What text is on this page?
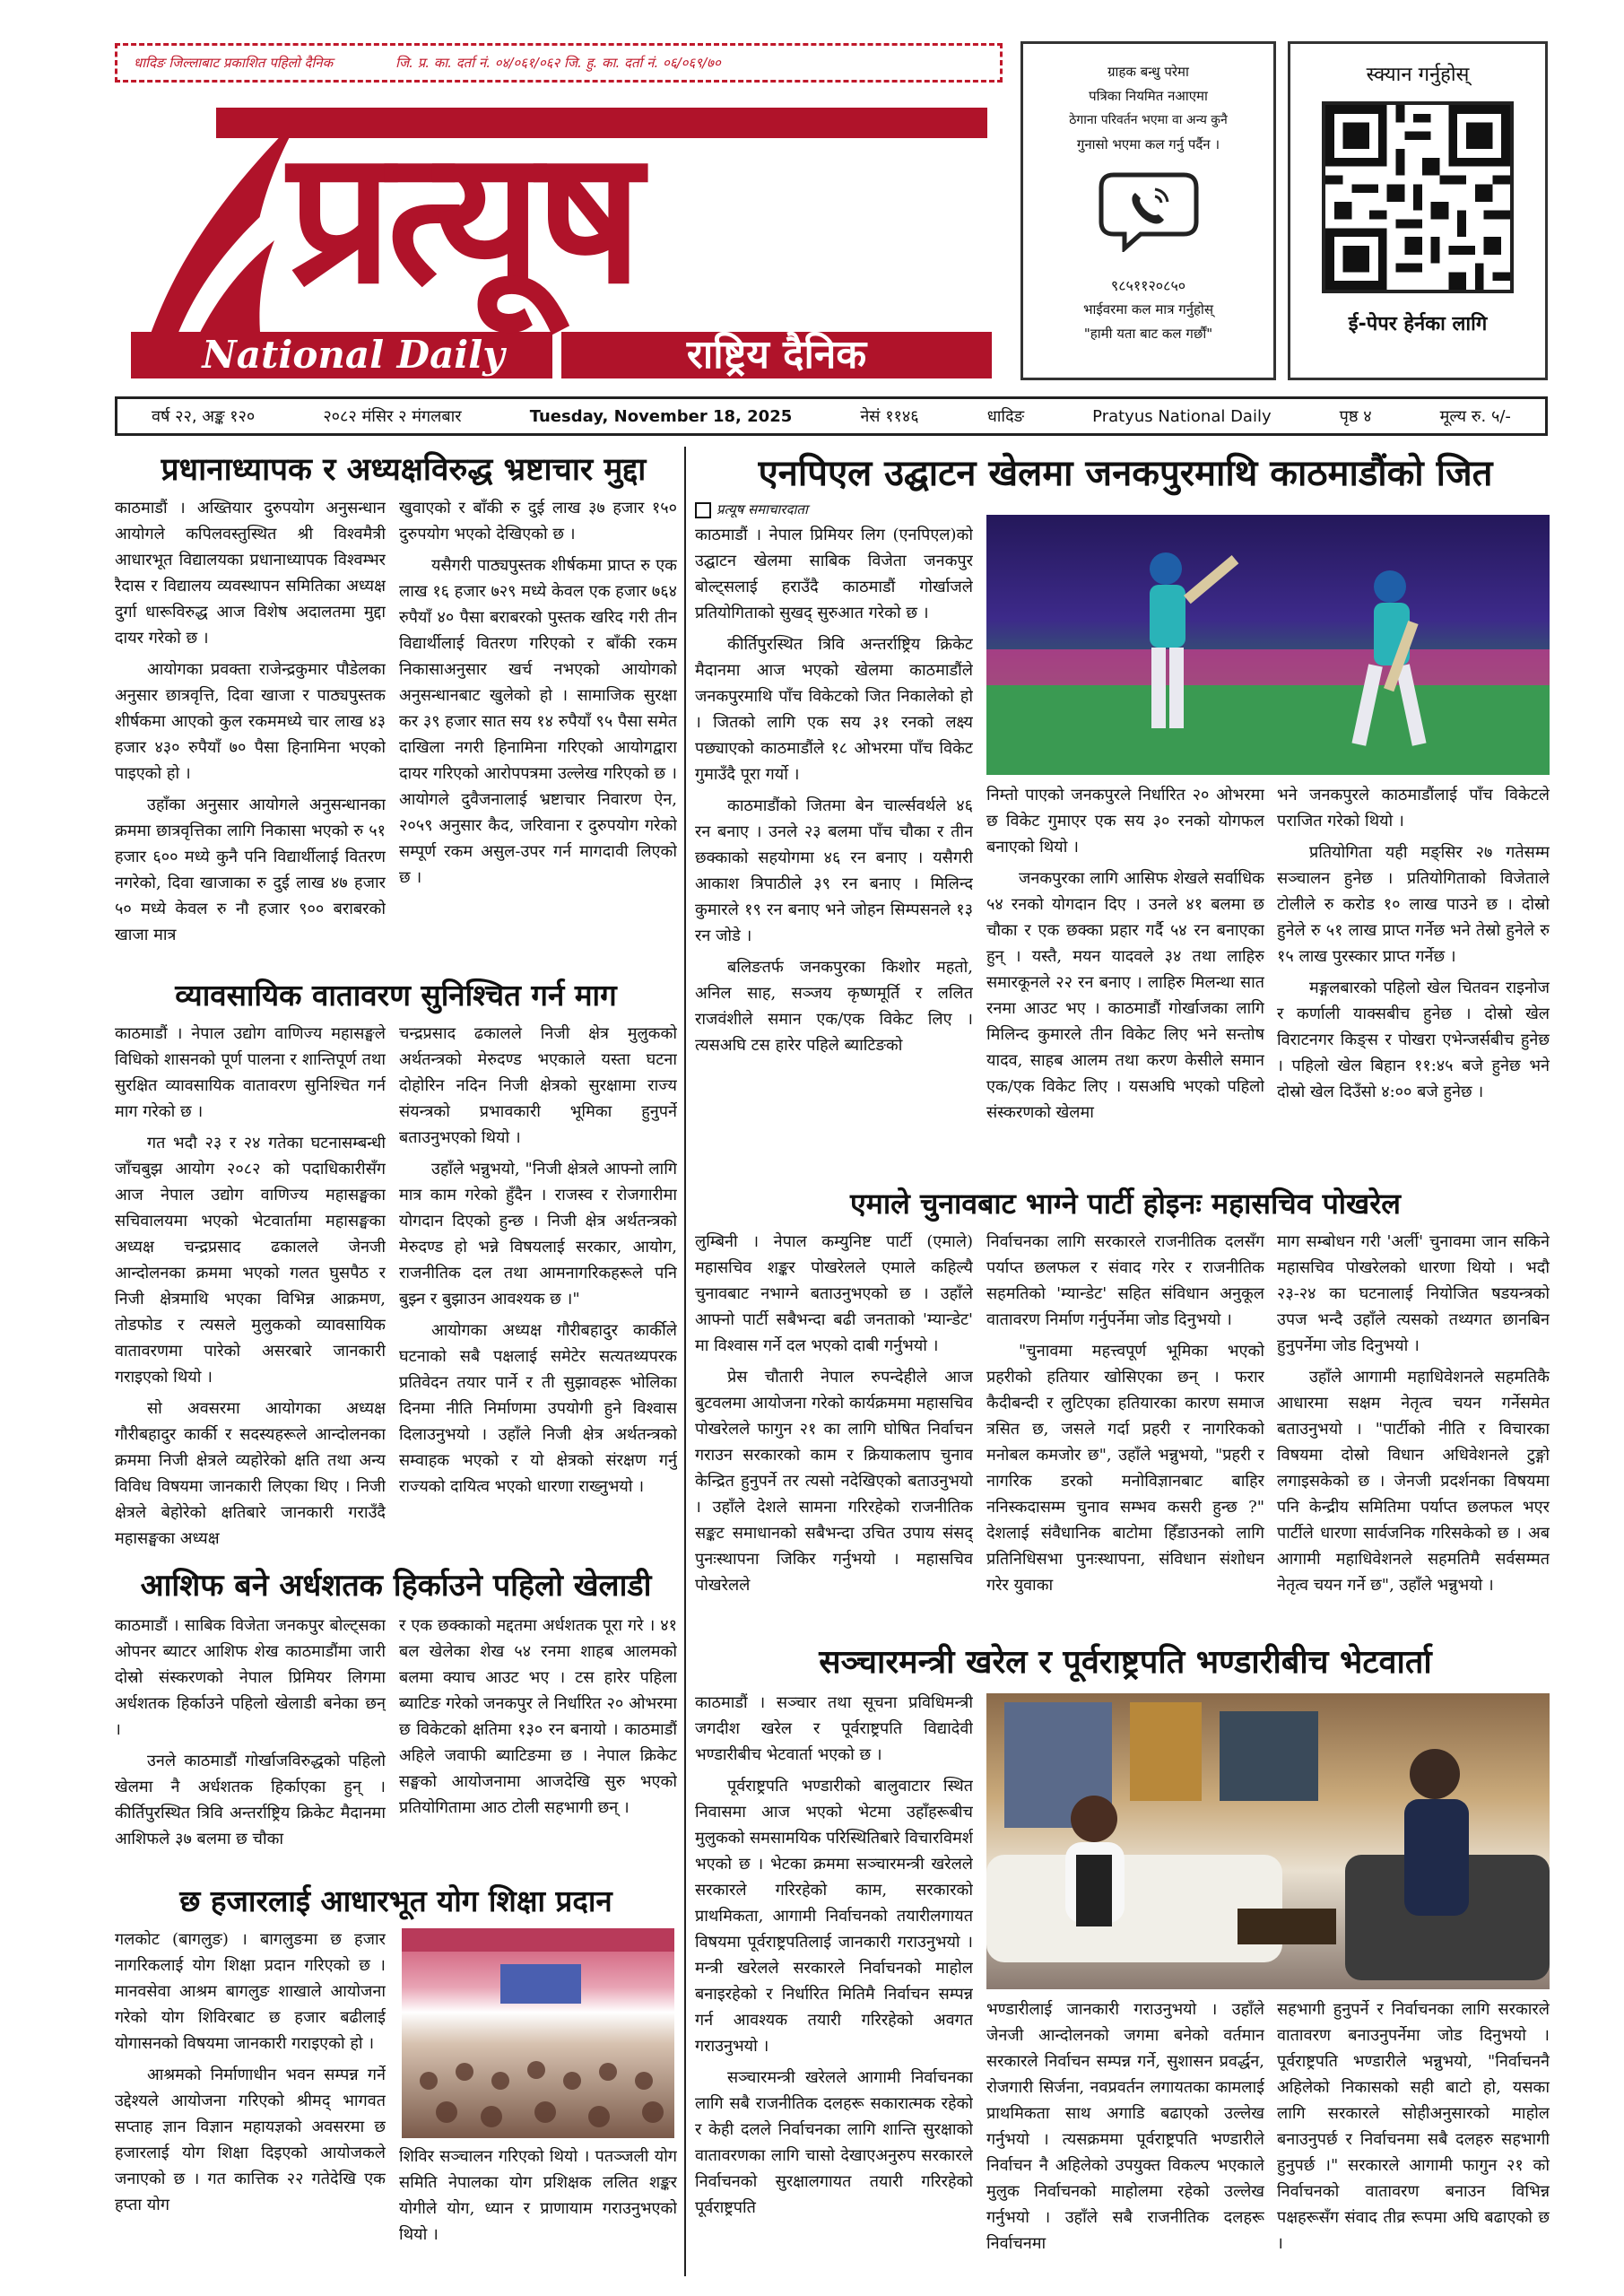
धादिङ जिल्लाबाट प्रकाशित पहिलो दैनिक	जि. प्र. का. दर्ता नं. ०४/०६१/०६२ जि. हु. का. दर्ता नं. ०६/०६९/७०
प्रत्यूष
National Daily	राष्ट्रिय दैनिक
ग्राहक बन्धु परेमा
पत्रिका नियमित नआएमा
ठेगाना परिवर्तन भएमा वा अन्य कुनै
गुनासो भएमा कल गर्नु पर्दैन ।
९८५११२०८५०
भाईवरमा कल मात्र गर्नुहोस्
"हामी यता बाट कल गर्छौं"
स्क्यान गर्नुहोस्
ई-पेपर हेर्नका लागि
वर्ष २२, अङ्क १२०	२०८२ मंसिर २ मंगलबार	Tuesday, November 18, 2025	नेसं ११४६	धादिङ	Pratyus National Daily	पृष्ठ ४	मूल्य रु. ५/-
प्रधानाध्यापक र अध्यक्षविरुद्ध भ्रष्टाचार मुद्दा

काठमाडौं । अख्तियार दुरुपयोग अनुसन्धान आयोगले कपिलवस्तुस्थित श्री विश्वमैत्री आधारभूत विद्यालयका प्रधानाध्यापक विश्वम्भर रैदास र विद्यालय व्यवस्थापन समितिका अध्यक्ष दुर्गा धारूविरुद्ध आज विशेष अदालतमा मुद्दा दायर गरेको छ ।

आयोगका प्रवक्ता राजेन्द्रकुमार पौडेलका अनुसार छात्रवृत्ति, दिवा खाजा र पाठ्यपुस्तक शीर्षकमा आएको कुल रकममध्ये चार लाख ४३ हजार ४३० रुपैयाँ ७० पैसा हिनामिना भएको पाइएको हो ।

उहाँका अनुसार आयोगले अनुसन्धानका क्रममा छात्रवृत्तिका लागि निकासा भएको रु ५१ हजार ६०० मध्ये कुनै पनि विद्यार्थीलाई वितरण नगरेको, दिवा खाजाका रु दुई लाख ४७ हजार ५० मध्ये केवल रु नौ हजार ९०० बराबरको खाजा मात्र

खुवाएको र बाँकी रु दुई लाख ३७ हजार १५० दुरुपयोग भएको देखिएको छ ।

यसैगरी पाठ्यपुस्तक शीर्षकमा प्राप्त रु एक लाख १६ हजार ७२९ मध्ये केवल एक हजार ७६४ रुपैयाँ ४० पैसा बराबरको पुस्तक खरिद गरी तीन विद्यार्थीलाई वितरण गरिएको र बाँकी रकम निकासाअनुसार खर्च नभएको आयोगको अनुसन्धानबाट खुलेको हो । सामाजिक सुरक्षा कर ३९ हजार सात सय १४ रुपैयाँ ९५ पैसा समेत दाखिला नगरी हिनामिना गरिएको आयोगद्वारा दायर गरिएको आरोपपत्रमा उल्लेख गरिएको छ । आयोगले दुवैजनालाई भ्रष्टाचार निवारण ऐन, २०५९ अनुसार कैद, जरिवाना र दुरुपयोग गरेको सम्पूर्ण रकम असुल-उपर गर्न मागदावी लिएको छ ।

व्यावसायिक वातावरण सुनिश्चित गर्न माग

काठमाडौं । नेपाल उद्योग वाणिज्य महासङ्घले विधिको शासनको पूर्ण पालना र शान्तिपूर्ण तथा सुरक्षित व्यावसायिक वातावरण सुनिश्चित गर्न माग गरेको छ ।

गत भदौ २३ र २४ गतेका घटनासम्बन्धी जाँचबुझ आयोग २०८२ को पदाधिकारीसँग आज नेपाल उद्योग वाणिज्य महासङ्घका सचिवालयमा भएको भेटवार्तामा महासङ्घका अध्यक्ष चन्द्रप्रसाद ढकालले जेनजी आन्दोलनका क्रममा भएको गलत घुसपैठ र निजी क्षेत्रमाथि भएका विभिन्न आक्रमण, तोडफोड र त्यसले मुलुकको व्यावसायिक वातावरणमा पारेको असरबारे जानकारी गराइएको थियो ।

सो अवसरमा आयोगका अध्यक्ष गौरीबहादुर कार्की र सदस्यहरूले आन्दोलनका क्रममा निजी क्षेत्रले व्यहोरेको क्षति तथा अन्य विविध विषयमा जानकारी लिएका थिए । निजी क्षेत्रले बेहोरेको क्षतिबारे जानकारी गराउँदै महासङ्घका अध्यक्ष

चन्द्रप्रसाद ढकालले निजी क्षेत्र मुलुकको अर्थतन्त्रको मेरुदण्ड भएकाले यस्ता घटना दोहोरिन नदिन निजी क्षेत्रको सुरक्षामा राज्य संयन्त्रको प्रभावकारी भूमिका हुनुपर्ने बताउनुभएको थियो ।

उहाँले भन्नुभयो, "निजी क्षेत्रले आफ्नो लागि मात्र काम गरेको हुँदैन । राजस्व र रोजगारीमा योगदान दिएको हुन्छ । निजी क्षेत्र अर्थतन्त्रको मेरुदण्ड हो भन्ने विषयलाई सरकार, आयोग, राजनीतिक दल तथा आमनागरिकहरूले पनि बुझ्न र बुझाउन आवश्यक छ ।"

आयोगका अध्यक्ष गौरीबहादुर कार्कीले घटनाको सबै पक्षलाई समेटेर सत्यतथ्यपरक प्रतिवेदन तयार पार्ने र ती सुझावहरू भोलिका दिनमा नीति निर्माणमा उपयोगी हुने विश्वास दिलाउनुभयो । उहाँले निजी क्षेत्र अर्थतन्त्रको सम्वाहक भएको र यो क्षेत्रको संरक्षण गर्नु राज्यको दायित्व भएको धारणा राख्नुभयो ।

आशिफ बने अर्धशतक हिर्काउने पहिलो खेलाडी

काठमाडौं । साबिक विजेता जनकपुर बोल्ट्सका ओपनर ब्याटर आशिफ शेख काठमाडौंमा जारी दोस्रो संस्करणको नेपाल प्रिमियर लिगमा अर्धशतक हिर्काउने पहिलो खेलाडी बनेका छन् ।

उनले काठमाडौं गोर्खाजविरुद्धको पहिलो खेलमा नै अर्धशतक हिर्काएका हुन् । कीर्तिपुरस्थित त्रिवि अन्तर्राष्ट्रिय क्रिकेट मैदानमा आशिफले ३७ बलमा छ चौका

र एक छक्काको मद्दतमा अर्धशतक पूरा गरे । ४१ बल खेलेका शेख ५४ रनमा शाहब आलमको बलमा क्याच आउट भए । टस हारेर पहिला ब्याटिङ गरेको जनकपुर ले निर्धारित २० ओभरमा छ विकेटको क्षतिमा १३० रन बनायो । काठमाडौं अहिले जवाफी ब्याटिङमा छ । नेपाल क्रिकेट सङ्घको आयोजनामा आजदेखि सुरु भएको प्रतियोगितामा आठ टोली सहभागी छन् ।

छ हजारलाई आधारभूत योग शिक्षा प्रदान

गलकोट (बागलुङ) । बागलुङमा छ हजार नागरिकलाई योग शिक्षा प्रदान गरिएको छ । मानवसेवा आश्रम बागलुङ शाखाले आयोजना गरेको योग शिविरबाट छ हजार बढीलाई योगासनको विषयमा जानकारी गराइएको हो ।

आश्रमको निर्माणाधीन भवन सम्पन्न गर्ने उद्देश्यले आयोजना गरिएको श्रीमद् भागवत सप्ताह ज्ञान विज्ञान महायज्ञको अवसरमा छ हजारलाई योग शिक्षा दिइएको आयोजकले जनाएको छ । गत कात्तिक २२ गतेदेखि एक हप्ता योग

शिविर सञ्चालन गरिएको थियो । पतञ्जली योग समिति नेपालका योग प्रशिक्षक ललित शङ्कर योगीले योग, ध्यान र प्राणायाम गराउनुभएको थियो ।

एनपिएल उद्घाटन खेलमा जनकपुरमाथि काठमाडौंको जित
प्रत्यूष समाचारदाता

काठमाडौं । नेपाल प्रिमियर लिग (एनपिएल)को उद्घाटन खेलमा साबिक विजेता जनकपुर बोल्ट्सलाई हराउँदै काठमाडौं गोर्खाजले प्रतियोगिताको सुखद् सुरुआत गरेको छ ।

कीर्तिपुरस्थित त्रिवि अन्तर्राष्ट्रिय क्रिकेट मैदानमा आज भएको खेलमा काठमाडौंले जनकपुरमाथि पाँच विकेटको जित निकालेको हो । जितको लागि एक सय ३१ रनको लक्ष्य पछ्याएको काठमाडौंले १८ ओभरमा पाँच विकेट गुमाउँदै पूरा गर्यो ।

काठमाडौंको जितमा बेन चार्ल्सवर्थले ४६ रन बनाए । उनले २३ बलमा पाँच चौका र तीन छक्काको सहयोगमा ४६ रन बनाए । यसैगरी आकाश त्रिपाठीले ३९ रन बनाए । मिलिन्द कुमारले १९ रन बनाए भने जोहन सिम्पसनले १३ रन जोडे ।

बलिङतर्फ जनकपुरका किशोर महतो, अनिल साह, सञ्जय कृष्णमूर्ति र ललित राजवंशीले समान एक/एक विकेट लिए । त्यसअघि टस हारेर पहिले ब्याटिङको

निम्तो पाएको जनकपुरले निर्धारित २० ओभरमा छ विकेट गुमाएर एक सय ३० रनको योगफल बनाएको थियो ।

जनकपुरका लागि आसिफ शेखले सर्वाधिक ५४ रनको योगदान दिए । उनले ४१ बलमा छ चौका र एक छक्का प्रहार गर्दै ५४ रन बनाएका हुन् । यस्तै, मयन यादवले ३४ तथा लाहिरु समारकूनले २२ रन बनाए । लाहिरु मिलन्था सात रनमा आउट भए । काठमाडौं गोर्खाजका लागि मिलिन्द कुमारले तीन विकेट लिए भने सन्तोष यादव, साहब आलम तथा करण केसीले समान एक/एक विकेट लिए । यसअघि भएको पहिलो संस्करणको खेलमा

भने जनकपुरले काठमाडौंलाई पाँच विकेटले पराजित गरेको थियो ।

प्रतियोगिता यही मङ्सिर २७ गतेसम्म सञ्चालन हुनेछ । प्रतियोगिताको विजेताले टोलीले रु करोड १० लाख पाउने छ । दोस्रो हुनेले रु ५१ लाख प्राप्त गर्नेछ भने तेस्रो हुनेले रु १५ लाख पुरस्कार प्राप्त गर्नेछ ।

मङ्गलबारको पहिलो खेल चितवन राइनोज र कर्णाली याक्सबीच हुनेछ । दोस्रो खेल विराटनगर किङ्स र पोखरा एभेन्जर्सबीच हुनेछ । पहिलो खेल बिहान ११:४५ बजे हुनेछ भने दोस्रो खेल दिउँसो ४:०० बजे हुनेछ ।

एमाले चुनावबाट भाग्ने पार्टी होइनः महासचिव पोखरेल

लुम्बिनी । नेपाल कम्युनिष्ट पार्टी (एमाले) महासचिव शङ्कर पोखरेलले एमाले कहिल्यै चुनावबाट नभाग्ने बताउनुभएको छ । उहाँले आफ्नो पार्टी सबैभन्दा बढी जनताको 'म्यान्डेट' मा विश्वास गर्ने दल भएको दाबी गर्नुभयो ।

प्रेस चौतारी नेपाल रुपन्देहीले आज बुटवलमा आयोजना गरेको कार्यक्रममा महासचिव पोखरेलले फागुन २१ का लागि घोषित निर्वाचन गराउन सरकारको काम र क्रियाकलाप चुनाव केन्द्रित हुनुपर्ने तर त्यसो नदेखिएको बताउनुभयो । उहाँले देशले सामना गरिरहेको राजनीतिक सङ्कट समाधानको सबैभन्दा उचित उपाय संसद् पुनःस्थापना जिकिर गर्नुभयो । महासचिव पोखरेलले

निर्वाचनका लागि सरकारले राजनीतिक दलसँग पर्याप्त छलफल र संवाद गरेर र राजनीतिक सहमतिको 'म्यान्डेट' सहित संविधान अनुकूल वातावरण निर्माण गर्नुपर्नेमा जोड दिनुभयो ।

"चुनावमा महत्त्वपूर्ण भूमिका भएको प्रहरीको हतियार खोसिएका छन् । फरार कैदीबन्दी र लुटिएका हतियारका कारण समाज त्रसित छ, जसले गर्दा प्रहरी र नागरिकको मनोबल कमजोर छ", उहाँले भन्नुभयो, "प्रहरी र नागरिक डरको मनोविज्ञानबाट बाहिर ननिस्कदासम्म चुनाव सम्भव कसरी हुन्छ ?" देशलाई संवैधानिक बाटोमा हिँडाउनको लागि प्रतिनिधिसभा पुनःस्थापना, संविधान संशोधन गरेर युवाका

माग सम्बोधन गरी 'अर्ली' चुनावमा जान सकिने महासचिव पोखरेलको धारणा थियो । भदौ २३-२४ का घटनालाई नियोजित षडयन्त्रको उपज भन्दै उहाँले त्यसको तथ्यगत छानबिन हुनुपर्नेमा जोड दिनुभयो ।

उहाँले आगामी महाधिवेशनले सहमतिकै आधारमा सक्षम नेतृत्व चयन गर्नेसमेत बताउनुभयो । "पार्टीको नीति र विचारका विषयमा दोस्रो विधान अधिवेशनले टुङ्गो लगाइसकेको छ । जेनजी प्रदर्शनका विषयमा पनि केन्द्रीय समितिमा पर्याप्त छलफल भएर पार्टीले धारणा सार्वजनिक गरिसकेको छ । अब आगामी महाधिवेशनले सहमतिमै सर्वसम्मत नेतृत्व चयन गर्ने छ", उहाँले भन्नुभयो ।

सञ्चारमन्त्री खरेल र पूर्वराष्ट्रपति भण्डारीबीच भेटवार्ता

काठमाडौं । सञ्चार तथा सूचना प्रविधिमन्त्री जगदीश खरेल र पूर्वराष्ट्रपति विद्यादेवी भण्डारीबीच भेटवार्ता भएको छ ।

पूर्वराष्ट्रपति भण्डारीको बालुवाटार स्थित निवासमा आज भएको भेटमा उहाँहरूबीच मुलुकको समसामयिक परिस्थितिबारे विचारविमर्श भएको छ । भेटका क्रममा सञ्चारमन्त्री खरेलले सरकारले गरिरहेको काम, सरकारको प्राथमिकता, आगामी निर्वाचनको तयारीलगायत विषयमा पूर्वराष्ट्रपतिलाई जानकारी गराउनुभयो । मन्त्री खरेलले सरकारले निर्वाचनको माहोल बनाइरहेको र निर्धारित मितिमै निर्वाचन सम्पन्न गर्न आवश्यक तयारी गरिरहेको अवगत गराउनुभयो ।

सञ्चारमन्त्री खरेलले आगामी निर्वाचनका लागि सबै राजनीतिक दलहरू सकारात्मक रहेको र केही दलले निर्वाचनका लागि शान्ति सुरक्षाको वातावरणका लागि चासो देखाएअनुरुप सरकारले निर्वाचनको सुरक्षालगायत तयारी गरिरहेको पूर्वराष्ट्रपति

भण्डारीलाई जानकारी गराउनुभयो । उहाँले जेनजी आन्दोलनको जगमा बनेको वर्तमान सरकारले निर्वाचन सम्पन्न गर्ने, सुशासन प्रवर्द्धन, रोजगारी सिर्जना, नवप्रवर्तन लगायतका कामलाई प्राथमिकता साथ अगाडि बढाएको उल्लेख गर्नुभयो । त्यसक्रममा पूर्वराष्ट्रपति भण्डारीले निर्वाचन नै अहिलेको उपयुक्त विकल्प भएकाले मुलुक निर्वाचनको माहोलमा रहेको उल्लेख गर्नुभयो । उहाँले सबै राजनीतिक दलहरू निर्वाचनमा

सहभागी हुनुपर्ने र निर्वाचनका लागि सरकारले वातावरण बनाउनुपर्नेमा जोड दिनुभयो । पूर्वराष्ट्रपति भण्डारीले भन्नुभयो, "निर्वाचननै अहिलेको निकासको सही बाटो हो, यसका लागि सरकारले सोहीअनुसारको माहोल बनाउनुपर्छ र निर्वाचनमा सबै दलहरु सहभागी हुनुपर्छ ।" सरकारले आगामी फागुन २१ को निर्वाचनको वातावरण बनाउन विभिन्न पक्षहरूसँग संवाद तीव्र रूपमा अघि बढाएको छ ।
